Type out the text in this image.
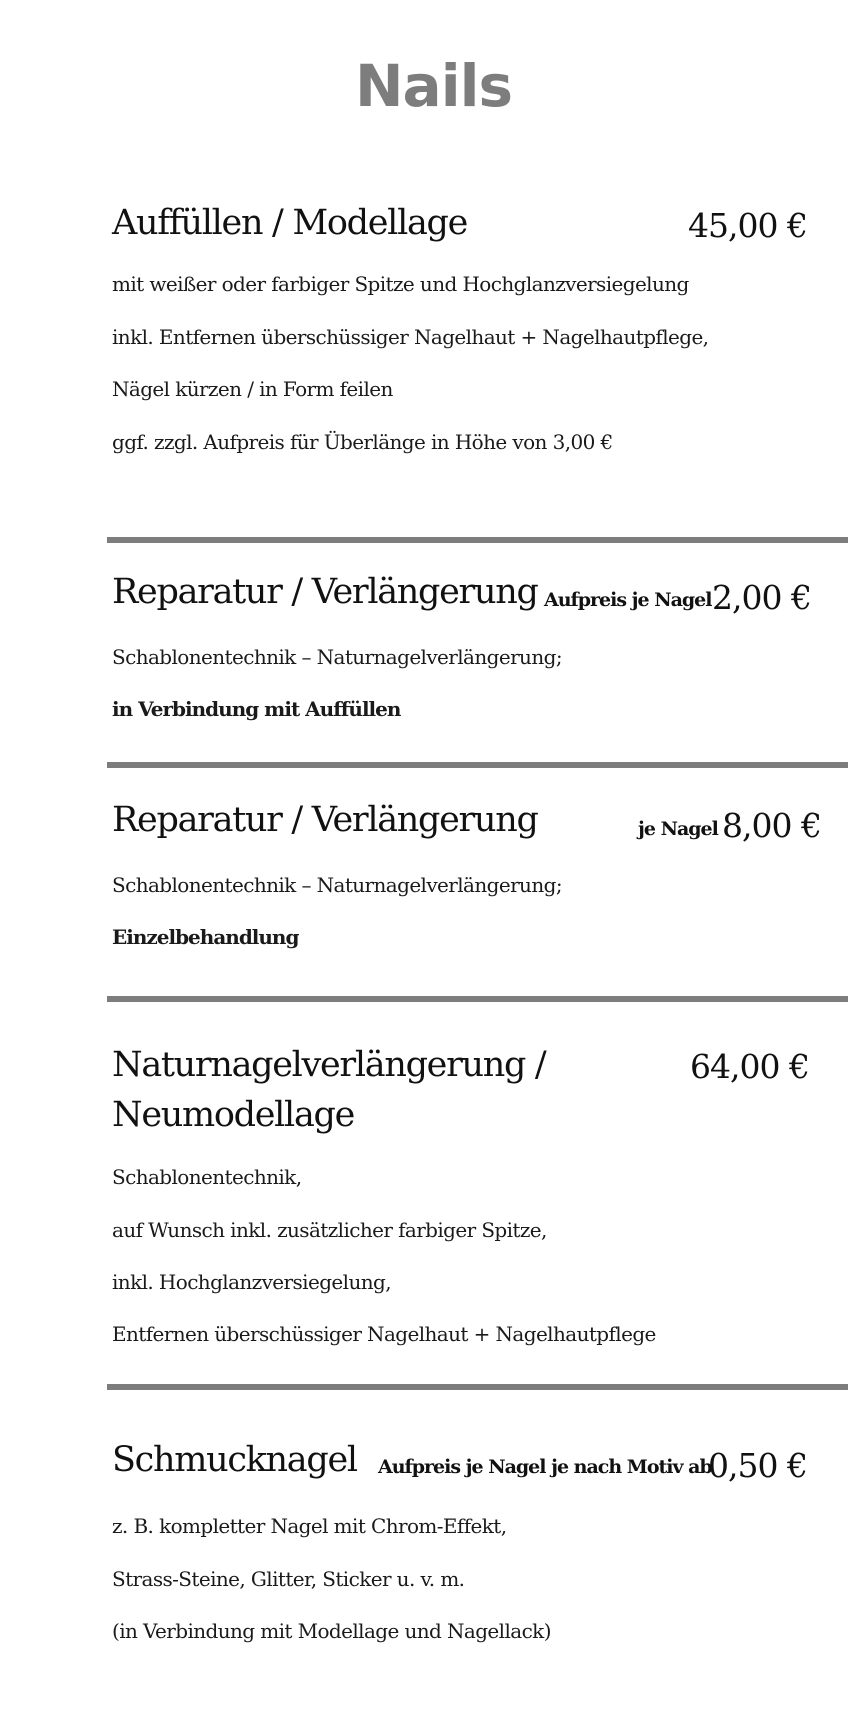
Nails
Auffüllen / Modellage	45,00 €
mit weißer oder farbiger Spitze und Hochglanzversiegelung
inkl. Entfernen überschüssiger Nagelhaut + Nagelhautpflege,
Nägel kürzen / in Form feilen
ggf. zzgl. Aufpreis für Überlänge in Höhe von 3,00 €
Reparatur / Verlängerung Aufpreis je Nagel 2,00 €
Schablonentechnik – Naturnagelverlängerung;
in Verbindung mit Auffüllen
Reparatur / Verlängerung	je Nagel 8,00 €
Schablonentechnik – Naturnagelverlängerung;
Einzelbehandlung
Naturnagelverlängerung /
Neumodellage
64,00 €
Schablonentechnik,
auf Wunsch inkl. zusätzlicher farbiger Spitze,
inkl. Hochglanzversiegelung,
Entfernen überschüssiger Nagelhaut + Nagelhautpflege
Schmucknagel Aufpreis je Nagel je nach Motiv ab
0,50 €
z. B. kompletter Nagel mit Chrom-Effekt,
Strass-Steine, Glitter, Sticker u. v. m.
(in Verbindung mit Modellage und Nagellack)
